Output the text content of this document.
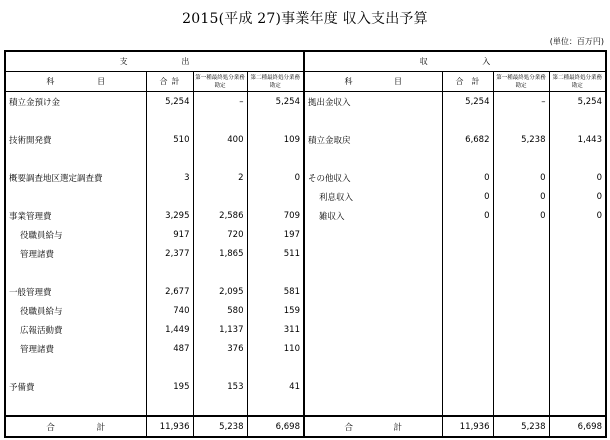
2015(平成 27)事業年度 収入支出予算
(単位：百万円)
支 出				収 入			

科 目	合 計	第一種最終処分業務勘定	第二種最終処分業務勘定	科 目	合 計	第一種最終処分業務勘定	第二種最終処分業務勘定
積立金預け金	5,254	–	5,254	拠出金収入	5,254	–	5,254

技術開発費	510	400	109	積立金取戻	6,682	5,238	1,443

概要調査地区選定調査費	3	2	0	その他収入	0	0	0
				利息収入	0	0	0
事業管理費	3,295	2,586	709	雑収入	0	0	0
役職員給与	917	720	197				
管理諸費	2,377	1,865	511				

一般管理費	2,677	2,095	581				
役職員給与	740	580	159				
広報活動費	1,449	1,137	311				
管理諸費	487	376	110				

予備費	195	153	41				

合 計	11,936	5,238	6,698	合 計	11,936	5,238	6,698
